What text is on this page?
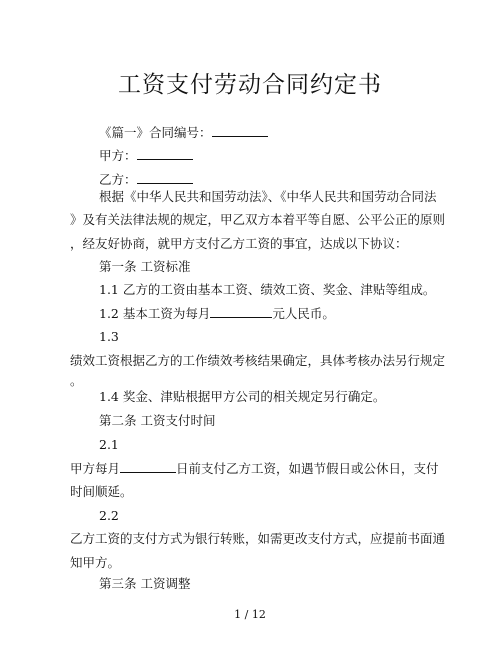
工资支付劳动合同约定书
《篇一》合同编号：
甲方：
乙方：
根据《中华人民共和国劳动法》、《中华人民共和国劳动合同法
》及有关法律法规的规定，甲乙双方本着平等自愿、公平公正的原则
，经友好协商，就甲方支付乙方工资的事宜，达成以下协议：
第一条 工资标准
1.1 乙方的工资由基本工资、绩效工资、奖金、津贴等组成。
1.2 基本工资为每月	元人民币。
1.3
绩效工资根据乙方的工作绩效考核结果确定，具体考核办法另行规定
。
1.4 奖金、津贴根据甲方公司的相关规定另行确定。
第二条 工资支付时间
2.1
甲方每月	日前支付乙方工资，如遇节假日或公休日，支付
时间顺延。
2.2
乙方工资的支付方式为银行转账，如需更改支付方式，应提前书面通
知甲方。
第三条 工资调整
1 / 12
